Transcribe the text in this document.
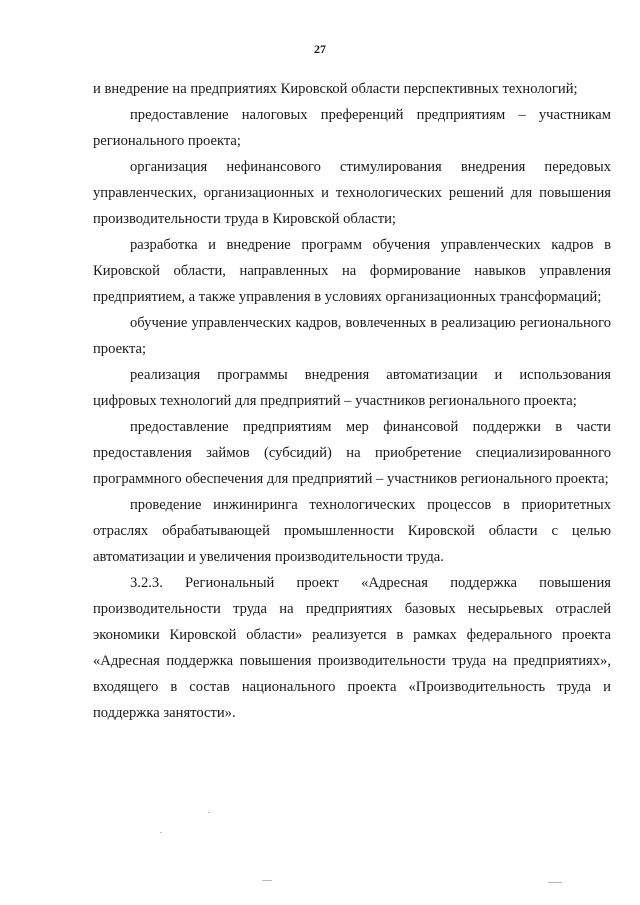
27

и внедрение на предприятиях Кировской области перспективных технологий;

предоставление налоговых преференций предприятиям – участникам регионального проекта;

организация нефинансового стимулирования внедрения передовых управленческих, организационных и технологических решений для повышения производительности труда в Кировской области;

разработка и внедрение программ обучения управленческих кадров в Кировской области, направленных на формирование навыков управления предприятием, а также управления в условиях организационных трансформаций;

обучение управленческих кадров, вовлеченных в реализацию регионального проекта;

реализация программы внедрения автоматизации и использования цифровых технологий для предприятий – участников регионального проекта;

предоставление предприятиям мер финансовой поддержки в части предоставления займов (субсидий) на приобретение специализированного программного обеспечения для предприятий – участников регионального проекта;

проведение инжиниринга технологических процессов в приоритетных отраслях обрабатывающей промышленности Кировской области с целью автоматизации и увеличения производительности труда.

3.2.3. Региональный проект «Адресная поддержка повышения производительности труда на предприятиях базовых несырьевых отраслей экономики Кировской области» реализуется в рамках федерального проекта «Адресная поддержка повышения производительности труда на предприятиях», входящего в состав национального проекта «Производительность труда и поддержка занятости».
